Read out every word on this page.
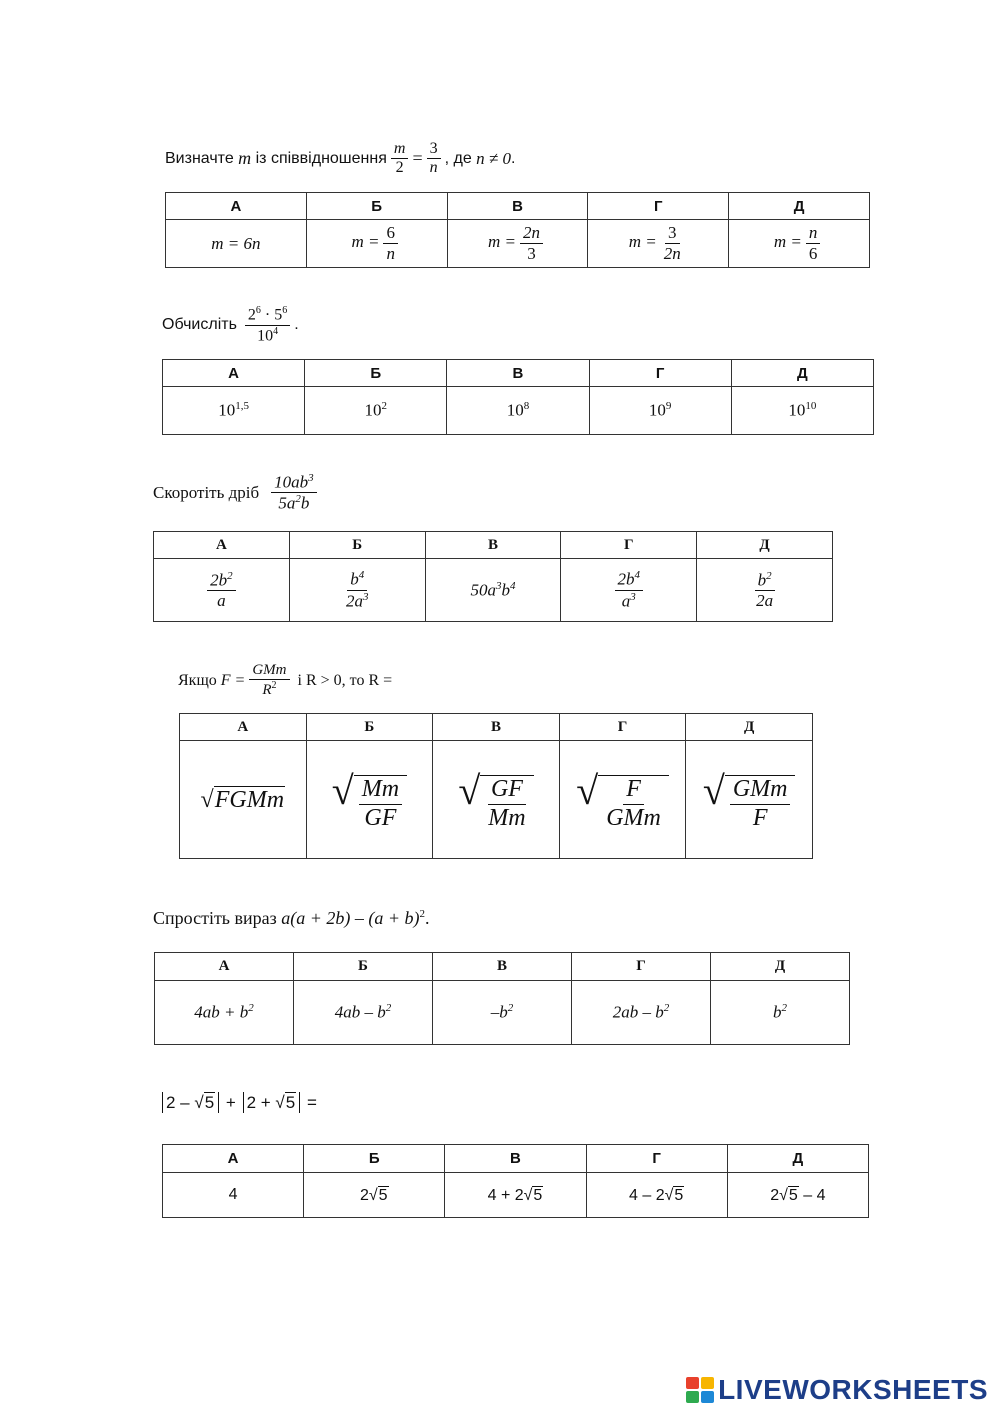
Визначте
m
із співвідношення $\frac{m}{2} = \frac{3}{n}$ , де
n ≠ 0 .
А	Б	В	Г	Д
m = 6n	$m = \frac{6}{n}$	$m = \frac{2n}{3}$	$m = \frac{3}{2n}$	$m = \frac{n}{6}$
Обчисліть $\frac{2^6 \cdot 5^6}{10^4}$ .
А	Б	В	Г	Д
10$^{1,5}$	$10^2$	$10^8$	$10^9$	$10^{10}$
Скоротіть дріб $\frac{10ab^3}{5a^2b}$
А	Б	В	Г	Д

$\frac{2b^2}{a}$	$\frac{b^4}{2a^3}$	$50a^3b^4$	$\frac{2b^4}{a^3}$	$\frac{b^2}{2a}$
Якщо
$F = \frac{\text{GMm}}{R^2}$
і R > 0, то R =
А	Б	В	Г	Д
√FGMm	√ $\frac{Mm}{GF}$	√ $\frac{GF}{Mm}$	√ $\frac{F}{\text{GMm}}$	√ $\frac{\text{GMm}}{F}$
Спростіть вираз
$a(a + 2b) - (a + b)^2$ .
А	Б	В	Г	Д
$4ab + b^2$	$4ab - b^2$	$-b^2$	$2ab - b^2$	$b^2$
2 – √5
+
2 + √5
=
А	Б	В	Г	Д
4	2√5	4 + 2√5	4 – 2√5	2√5 – 4
LIVEWORKSHEETS
